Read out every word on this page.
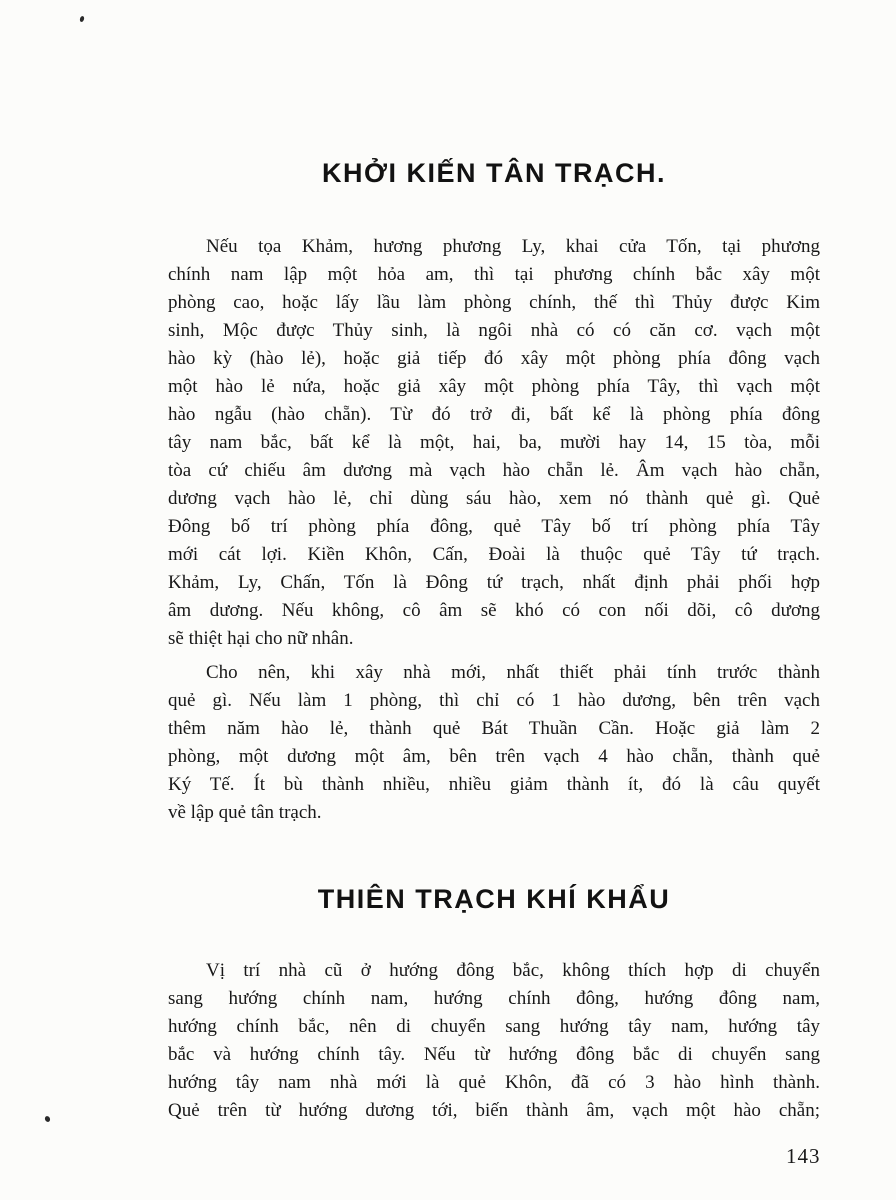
KHỞI KIẾN TÂN TRẠCH.
Nếu tọa Khảm, hương phương Ly, khai cửa Tốn, tại phương
chính nam lập một hỏa am, thì tại phương chính bắc xây một
phòng cao, hoặc lấy lầu làm phòng chính, thế thì Thủy được Kim
sinh, Mộc được Thủy sinh, là ngôi nhà có có căn cơ. vạch một
hào kỳ (hào lẻ), hoặc giả tiếp đó xây một phòng phía đông vạch
một hào lẻ nứa, hoặc giả xây một phòng phía Tây, thì vạch một
hào ngẫu (hào chẵn). Từ đó trở đi, bất kể là phòng phía đông
tây nam bắc, bất kể là một, hai, ba, mười hay 14, 15 tòa, mỗi
tòa cứ chiếu âm dương mà vạch hào chẵn lẻ. Âm vạch hào chẵn,
dương vạch hào lẻ, chỉ dùng sáu hào, xem nó thành quẻ gì. Quẻ
Đông bố trí phòng phía đông, quẻ Tây bố trí phòng phía Tây
mới cát lợi. Kiền Khôn, Cấn, Đoài là thuộc quẻ Tây tứ trạch.
Khảm, Ly, Chấn, Tốn là Đông tứ trạch, nhất định phải phối hợp
âm dương. Nếu không, cô âm sẽ khó có con nối dõi, cô dương
sẽ thiệt hại cho nữ nhân.
Cho nên, khi xây nhà mới, nhất thiết phải tính trước thành
quẻ gì. Nếu làm 1 phòng, thì chỉ có 1 hào dương, bên trên vạch
thêm năm hào lẻ, thành quẻ Bát Thuần Cần. Hoặc giả làm 2
phòng, một dương một âm, bên trên vạch 4 hào chẵn, thành quẻ
Ký Tế. Ít bù thành nhiều, nhiều giảm thành ít, đó là câu quyết
về lập quẻ tân trạch.
THIÊN TRẠCH KHÍ KHẨU
Vị trí nhà cũ ở hướng đông bắc, không thích hợp di chuyển
sang hướng chính nam, hướng chính đông, hướng đông nam,
hướng chính bắc, nên di chuyển sang hướng tây nam, hướng tây
bắc và hướng chính tây. Nếu từ hướng đông bắc di chuyển sang
hướng tây nam nhà mới là quẻ Khôn, đã có 3 hào hình thành.
Quẻ trên từ hướng dương tới, biến thành âm, vạch một hào chẵn;
143
